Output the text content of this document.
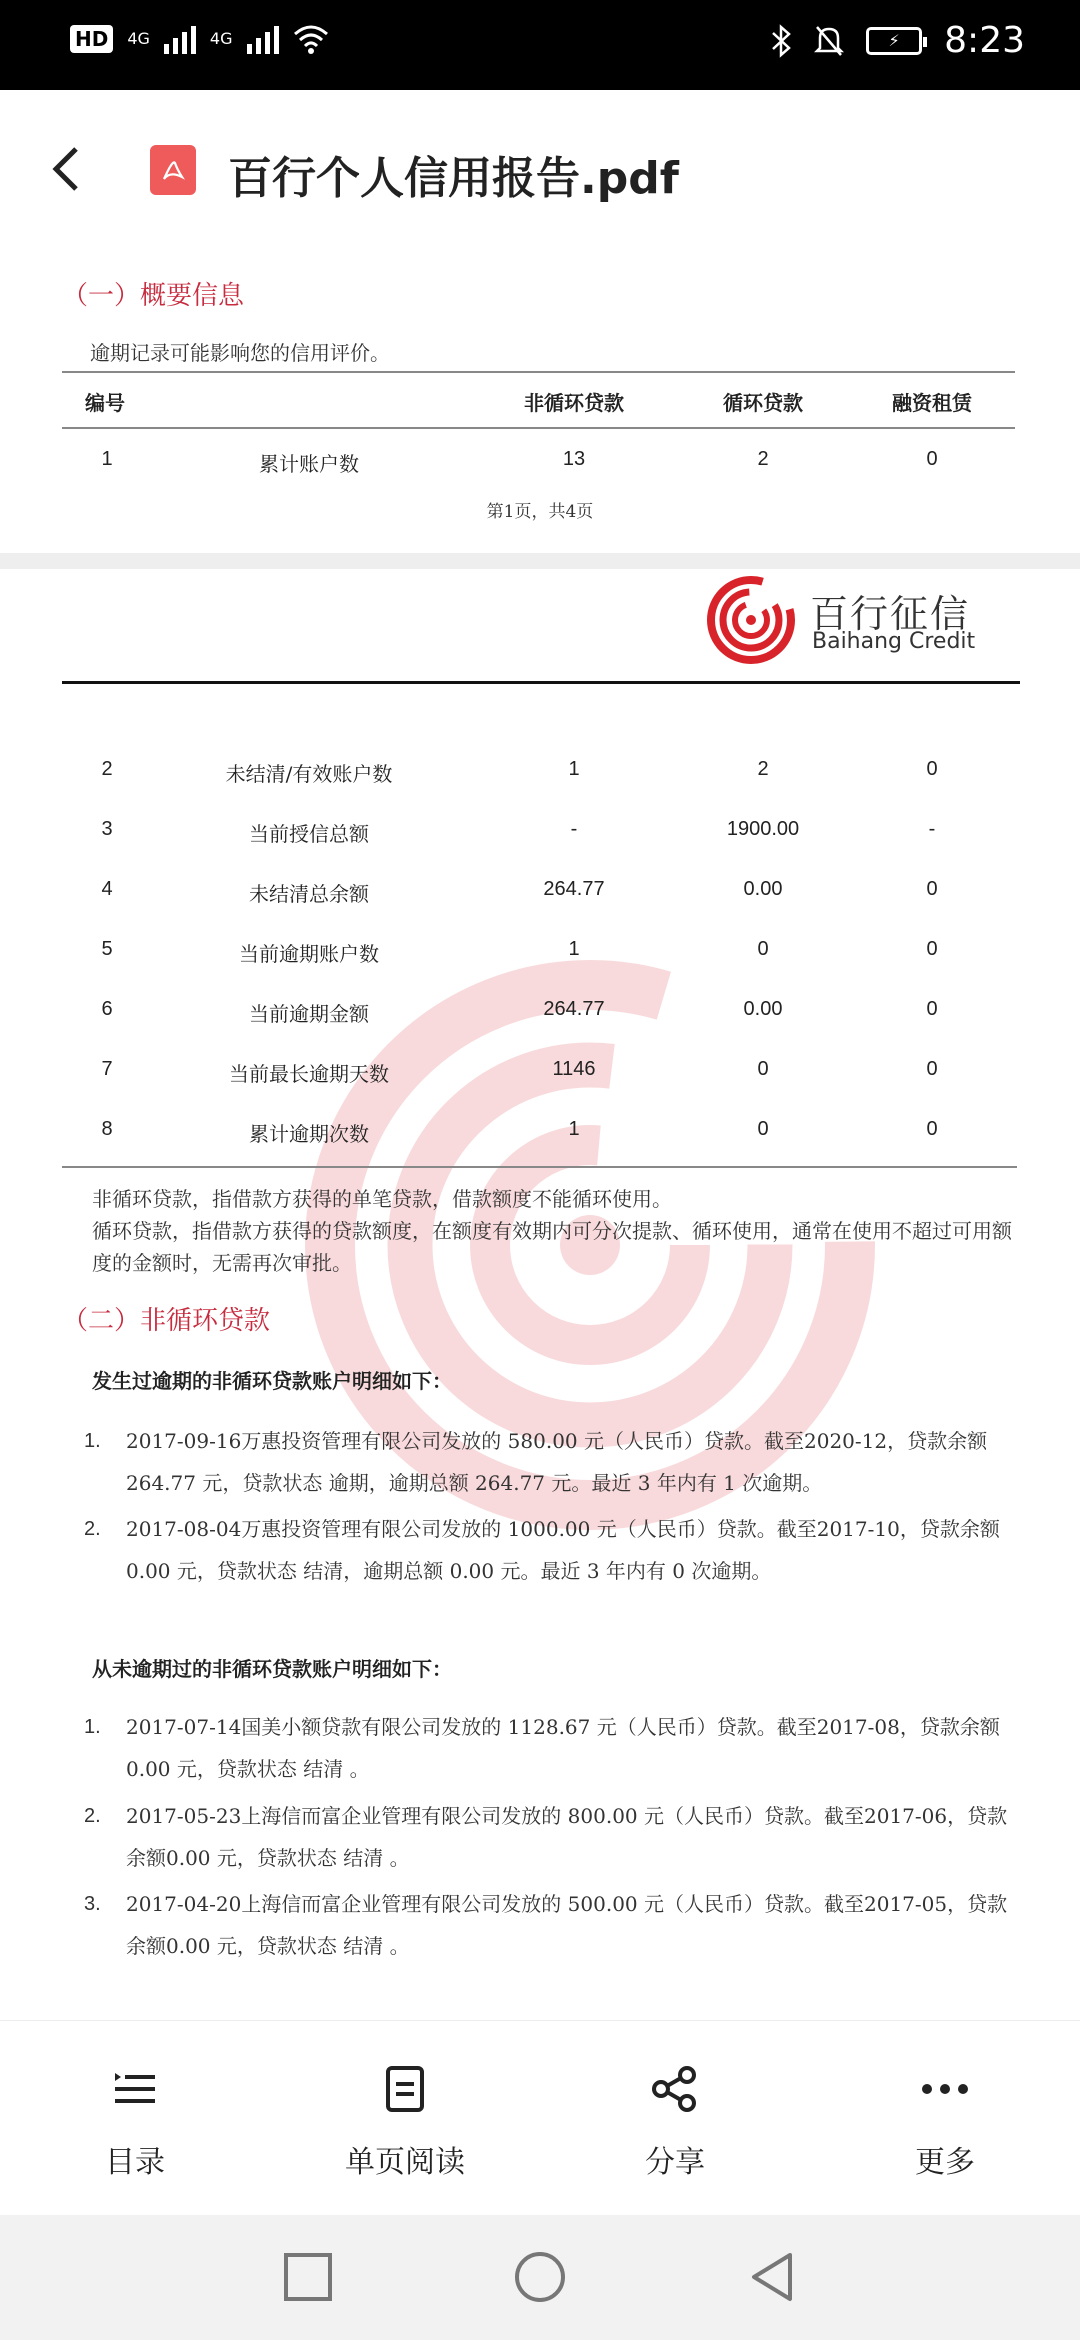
HD	4G	4G	⚡	8:23
百行个人信用报告.pdf
（一）概要信息
逾期记录可能影响您的信用评价。
编号	非循环贷款	循环贷款	融资租赁
1	累计账户数	13	2	0
第1页，共4页
百行征信
Baihang Credit
2	未结清/有效账户数	1	2	0
3	当前授信总额	-	1900.00	-
4	未结清总余额	264.77	0.00	0
5	当前逾期账户数	1	0	0
6	当前逾期金额	264.77	0.00	0
7	当前最长逾期天数	1146	0	0
8	累计逾期次数	1	0	0
非循环贷款，指借款方获得的单笔贷款，借款额度不能循环使用。
循环贷款，指借款方获得的贷款额度，在额度有效期内可分次提款、循环使用，通常在使用不超过可用额度的金额时，无需再次审批。
（二）非循环贷款
发生过逾期的非循环贷款账户明细如下：
1.	2017-09-16万惠投资管理有限公司发放的 580.00 元（人民币）贷款。截至2020-12，贷款余额 264.77 元，贷款状态 逾期，逾期总额 264.77 元。最近 3 年内有 1 次逾期。
2.	2017-08-04万惠投资管理有限公司发放的 1000.00 元（人民币）贷款。截至2017-10，贷款余额0.00 元，贷款状态 结清，逾期总额 0.00 元。最近 3 年内有 0 次逾期。
从未逾期过的非循环贷款账户明细如下：
1.	2017-07-14国美小额贷款有限公司发放的 1128.67 元（人民币）贷款。截至2017-08，贷款余额0.00 元，贷款状态 结清 。
2.	2017-05-23上海信而富企业管理有限公司发放的 800.00 元（人民币）贷款。截至2017-06，贷款余额0.00 元，贷款状态 结清 。
3.	2017-04-20上海信而富企业管理有限公司发放的 500.00 元（人民币）贷款。截至2017-05，贷款余额0.00 元，贷款状态 结清 。
目录	单页阅读	分享	更多
